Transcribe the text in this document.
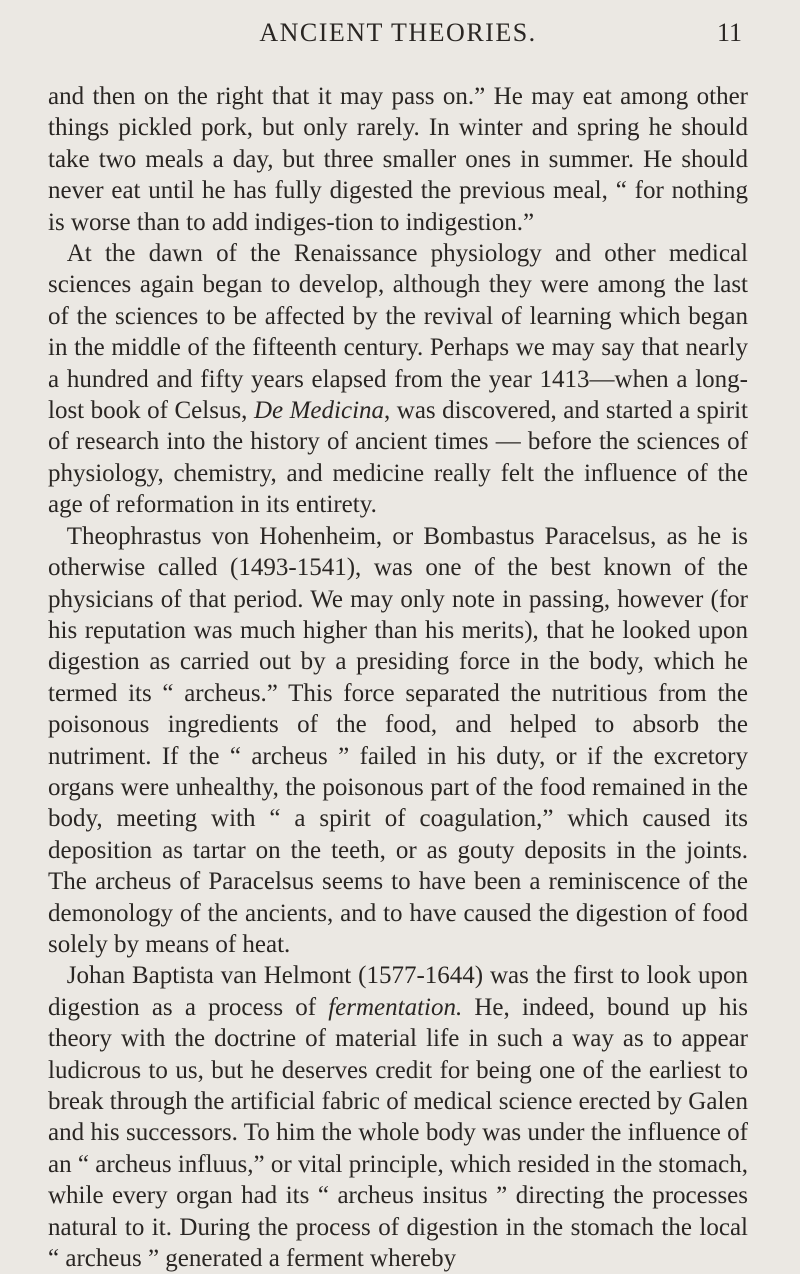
ANCIENT THEORIES.	11

and then on the right that it may pass on.” He may eat among other things pickled pork, but only rarely. In winter and spring he should take two meals a day, but three smaller ones in summer. He should never eat until he has fully digested the previous meal, “ for nothing is worse than to add indiges-tion to indigestion.”

At the dawn of the Renaissance physiology and other medical sciences again began to develop, although they were among the last of the sciences to be affected by the revival of learning which began in the middle of the fifteenth century. Perhaps we may say that nearly a hundred and fifty years elapsed from the year 1413—when a long-lost book of Celsus, De Medicina, was discovered, and started a spirit of research into the history of ancient times — before the sciences of physiology, chemistry, and medicine really felt the influence of the age of reformation in its entirety.

Theophrastus von Hohenheim, or Bombastus Paracelsus, as he is otherwise called (1493-1541), was one of the best known of the physicians of that period. We may only note in passing, however (for his reputation was much higher than his merits), that he looked upon digestion as carried out by a presiding force in the body, which he termed its “ archeus.” This force separated the nutritious from the poisonous ingredients of the food, and helped to absorb the nutriment. If the “ archeus ” failed in his duty, or if the excretory organs were unhealthy, the poisonous part of the food remained in the body, meeting with “ a spirit of coagulation,” which caused its deposition as tartar on the teeth, or as gouty deposits in the joints. The archeus of Paracelsus seems to have been a reminiscence of the demonology of the ancients, and to have caused the digestion of food solely by means of heat.

Johan Baptista van Helmont (1577-1644) was the first to look upon digestion as a process of fermentation. He, indeed, bound up his theory with the doctrine of material life in such a way as to appear ludicrous to us, but he deserves credit for being one of the earliest to break through the artificial fabric of medical science erected by Galen and his successors. To him the whole body was under the influence of an “ archeus influus,” or vital principle, which resided in the stomach, while every organ had its “ archeus insitus ” directing the processes natural to it. During the process of digestion in the stomach the local “ archeus ” generated a ferment whereby
